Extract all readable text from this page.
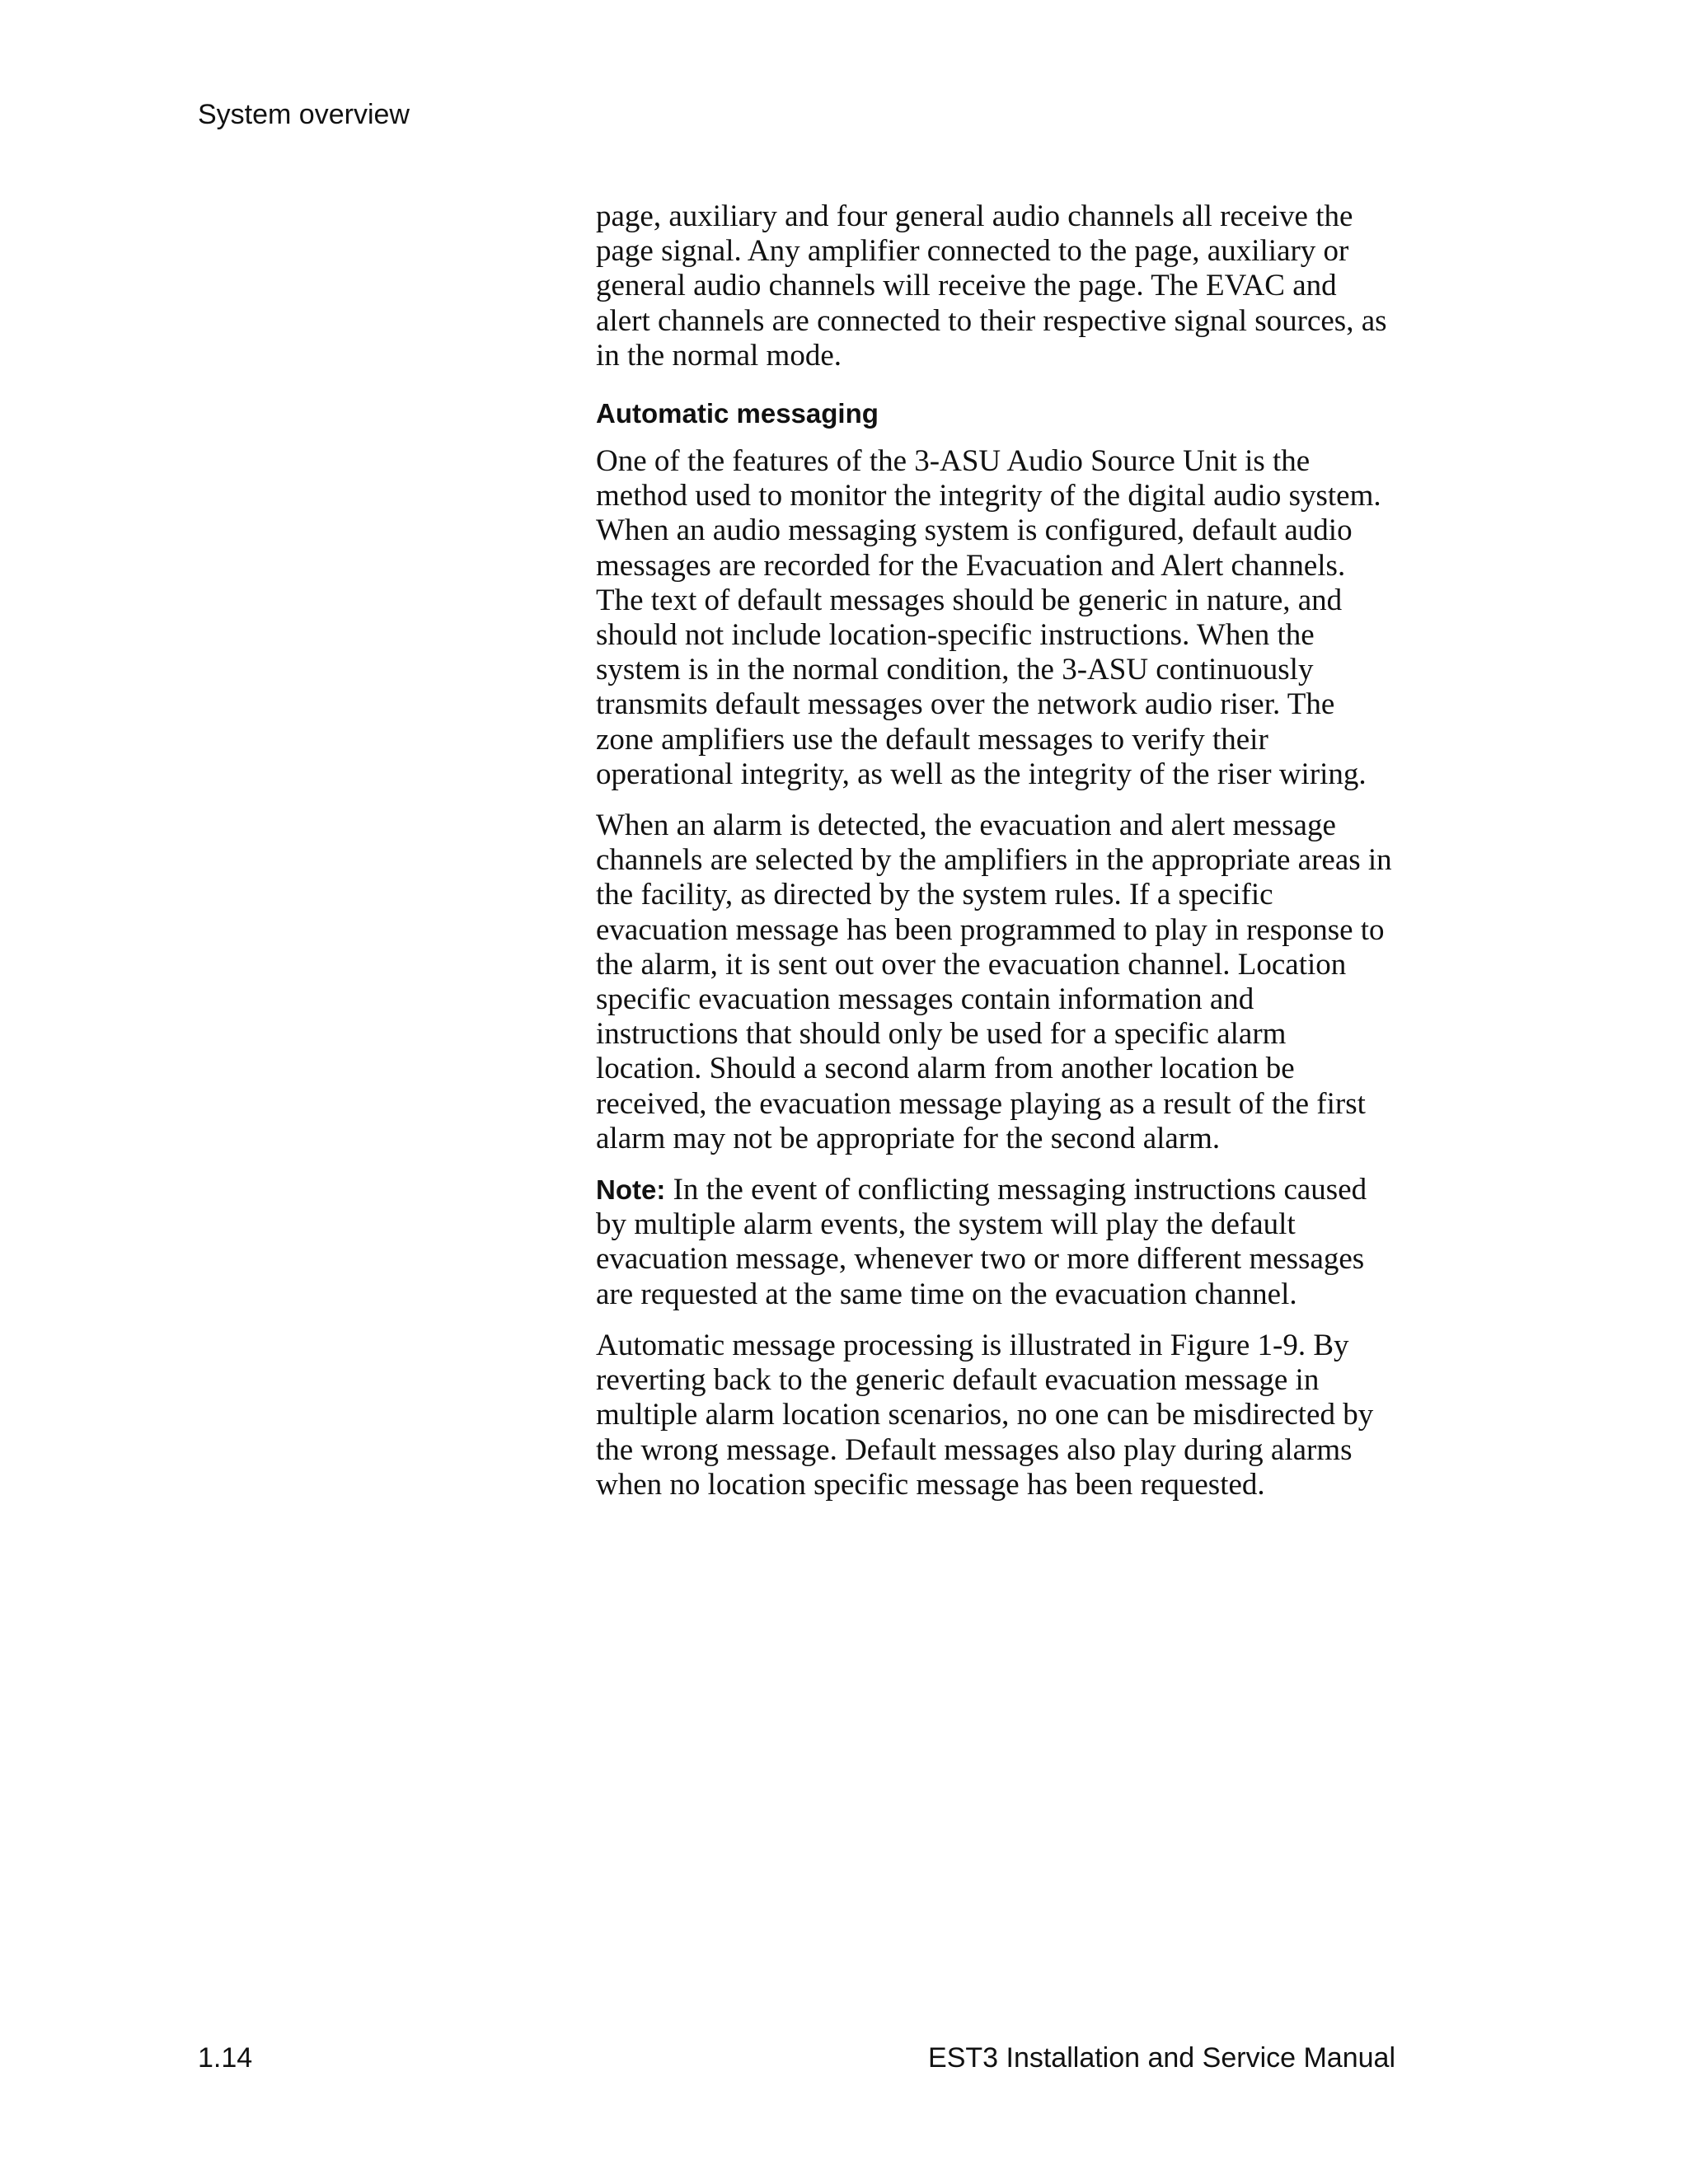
System overview

page, auxiliary and four general audio channels all receive the
page signal. Any amplifier connected to the page, auxiliary or
general audio channels will receive the page. The EVAC and
alert channels are connected to their respective signal sources, as
in the normal mode.

Automatic messaging

One of the features of the 3-ASU Audio Source Unit is the
method used to monitor the integrity of the digital audio system.
When an audio messaging system is configured, default audio
messages are recorded for the Evacuation and Alert channels.
The text of default messages should be generic in nature, and
should not include location-specific instructions. When the
system is in the normal condition, the 3-ASU continuously
transmits default messages over the network audio riser. The
zone amplifiers use the default messages to verify their
operational integrity, as well as the integrity of the riser wiring.

When an alarm is detected, the evacuation and alert message
channels are selected by the amplifiers in the appropriate areas in
the facility, as directed by the system rules. If a specific
evacuation message has been programmed to play in response to
the alarm, it is sent out over the evacuation channel. Location
specific evacuation messages contain information and
instructions that should only be used for a specific alarm
location. Should a second alarm from another location be
received, the evacuation message playing as a result of the first
alarm may not be appropriate for the second alarm.

Note: In the event of conflicting messaging instructions caused
by multiple alarm events, the system will play the default
evacuation message, whenever two or more different messages
are requested at the same time on the evacuation channel.

Automatic message processing is illustrated in Figure 1-9. By
reverting back to the generic default evacuation message in
multiple alarm location scenarios, no one can be misdirected by
the wrong message. Default messages also play during alarms
when no location specific message has been requested.

1.14	EST3 Installation and Service Manual
